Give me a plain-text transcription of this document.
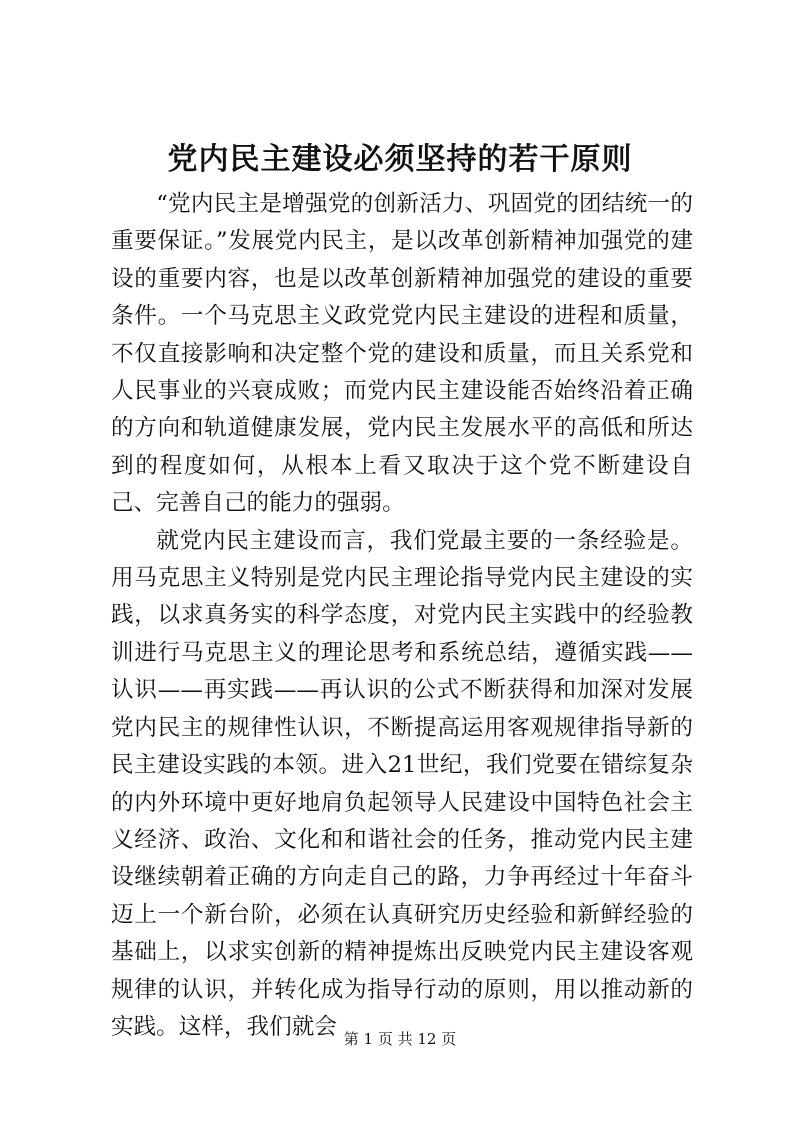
党内民主建设必须坚持的若干原则

“党内民主是增强党的创新活力、巩固党的团结统一的重要保证。”发展党内民主，是以改革创新精神加强党的建设的重要内容，也是以改革创新精神加强党的建设的重要条件。一个马克思主义政党党内民主建设的进程和质量，不仅直接影响和决定整个党的建设和质量，而且关系党和人民事业的兴衰成败；而党内民主建设能否始终沿着正确的方向和轨道健康发展，党内民主发展水平的高低和所达到的程度如何，从根本上看又取决于这个党不断建设自己、完善自己的能力的强弱。

就党内民主建设而言，我们党最主要的一条经验是。用马克思主义特别是党内民主理论指导党内民主建设的实践，以求真务实的科学态度，对党内民主实践中的经验教训进行马克思主义的理论思考和系统总结，遵循实践——认识——再实践——再认识的公式不断获得和加深对发展党内民主的规律性认识，不断提高运用客观规律指导新的民主建设实践的本领。进入21世纪，我们党要在错综复杂的内外环境中更好地肩负起领导人民建设中国特色社会主义经济、政治、文化和和谐社会的任务，推动党内民主建设继续朝着正确的方向走自己的路，力争再经过十年奋斗迈上一个新台阶，必须在认真研究历史经验和新鲜经验的基础上，以求实创新的精神提炼出反映党内民主建设客观规律的认识，并转化成为指导行动的原则，用以推动新的实践。这样，我们就会 第 1 页 共 12 页
